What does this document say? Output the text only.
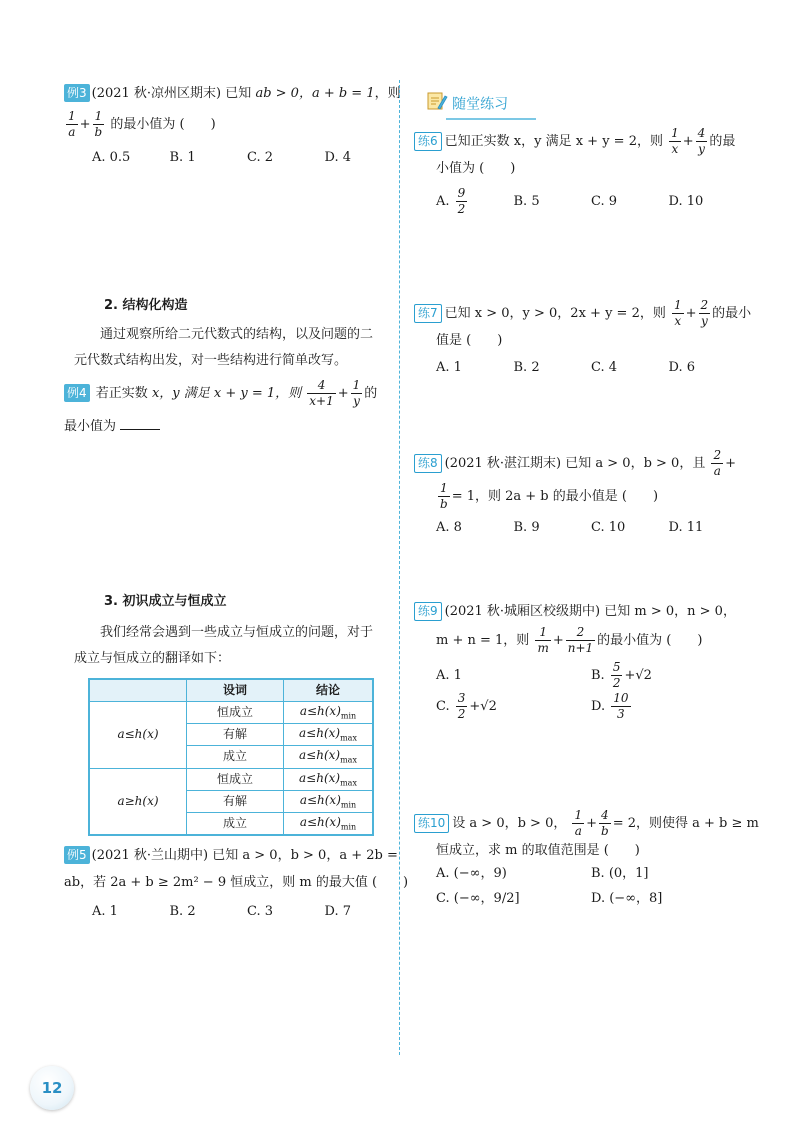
例3 (2021 秋·凉州区期末) 已知 ab > 0，a + b = 1，则
$\frac{1}{a} + \frac{1}{b}$ 的最小值为 (　　)
A. 0.5	B. 1	C. 2	D. 4
2. 结构化构造
通过观察所给二元代数式的结构，以及问题的二元代数式结构出发，对一些结构进行简单改写。
例4 若正实数 x，y 满足 x + y = 1，则 $\frac{4}{x+1} + \frac{1}{y}$ 的
最小值为
3. 初识成立与恒成立
我们经常会遇到一些成立与恒成立的问题，对于成立与恒成立的翻译如下：
	设词	结论
a≤h(x)	恒成立	$a\le h(x)_{min}$
	有解	$a\le h(x)_{max}$
	成立	$a\le h(x)_{max}$
a≥h(x)	恒成立	$a\le h(x)_{max}$
	有解	$a\le h(x)_{min}$
	成立	$a\le h(x)_{min}$
例5 (2021 秋·兰山期中) 已知 a > 0，b > 0，a + 2b =
ab，若 2a + b ≥ 2m² − 9 恒成立，则 m 的最大值 (　　)
A. 1	B. 2	C. 3	D. 7
随堂练习
练6 已知正实数 x，y 满足 x + y = 2，则 $\frac{1}{x} + \frac{4}{y}$ 的最
小值为 (　　)
A. $\frac{9}{2}$	B. 5	C. 9	D. 10
练7 已知 x > 0，y > 0，2x + y = 2，则 $\frac{1}{x} + \frac{2}{y}$ 的最小
值是 (　　)
A. 1	B. 2	C. 4	D. 6
练8 (2021 秋·湛江期末) 已知 a > 0，b > 0，且 $\frac{2}{a}$ +
$\frac{1}{b} = 1$，则 2a + b 的最小值是 (　　)
A. 8	B. 9	C. 10	D. 11
练9 (2021 秋·城厢区校级期中) 已知 m > 0，n > 0，
m + n = 1，则 $\frac{1}{m} + \frac{2}{n+1}$ 的最小值为 (　　)
A. 1	B. $\frac{5}{2} +√2$
C. $\frac{3}{2} +√2$	D. $\frac{10}{3}$
练10 设 a > 0，b > 0， $\frac{1}{a} + \frac{4}{b} = 2$，则使得 a + b ≥ m
恒成立，求 m 的取值范围是 (　　)
A. (−∞，9)	B. (0，1]
C. (−∞，9/2]	D. (−∞，8]
12
